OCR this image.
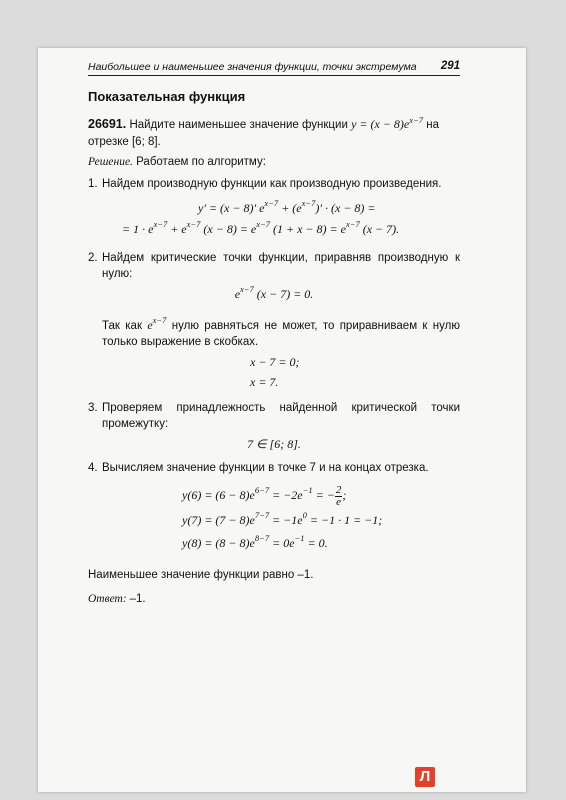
Наибольшее и наименьшее значения функции, точки экстремума 291
Показательная функция
26691. Найдите наименьшее значение функции $y = (x - 8)e^{x-7}$ на
отрезке [6; 8].

Решение. Работаем по алгоритму:

1. Найдем производную функции как производную произведения.
y′ = (x − 8)′ $e^{x-7} + (e^{x-7})' \cdot (x - 8)$ =
= $1 \cdot e^{x-7} + e^{x-7}$ $(x - 8) = e^{x-7}$ $(1 + x - 8) = e^{x-7}$ (x − 7).
2. Найдем критические точки функции, приравняв производную к нулю:
$e^{x-7}$ (x − 7) = 0.

Так как $e^{x-7}$ нулю равняться не может, то приравниваем к нулю только выражение в скобках.

x − 7 = 0;
x = 7.
3. Проверяем принадлежность найденной критической точки промежутку:
7 ∈ [6; 8].
4. Вычисляем значение функции в точке 7 и на концах отрезка.
$y(6) = (6 - 8)e^{6-7} = -2e^{-1}$ = − $\frac{2}{e}$ ;
$y(7) = (7 - 8)e^{7-7} = -1e^0 = -1 \cdot 1 = -1$;
$y(8) = (8 - 8)e^{8-7} = 0e^{-1} = 0$.

Наименьшее значение функции равно –1.

Ответ: –1.

Л
